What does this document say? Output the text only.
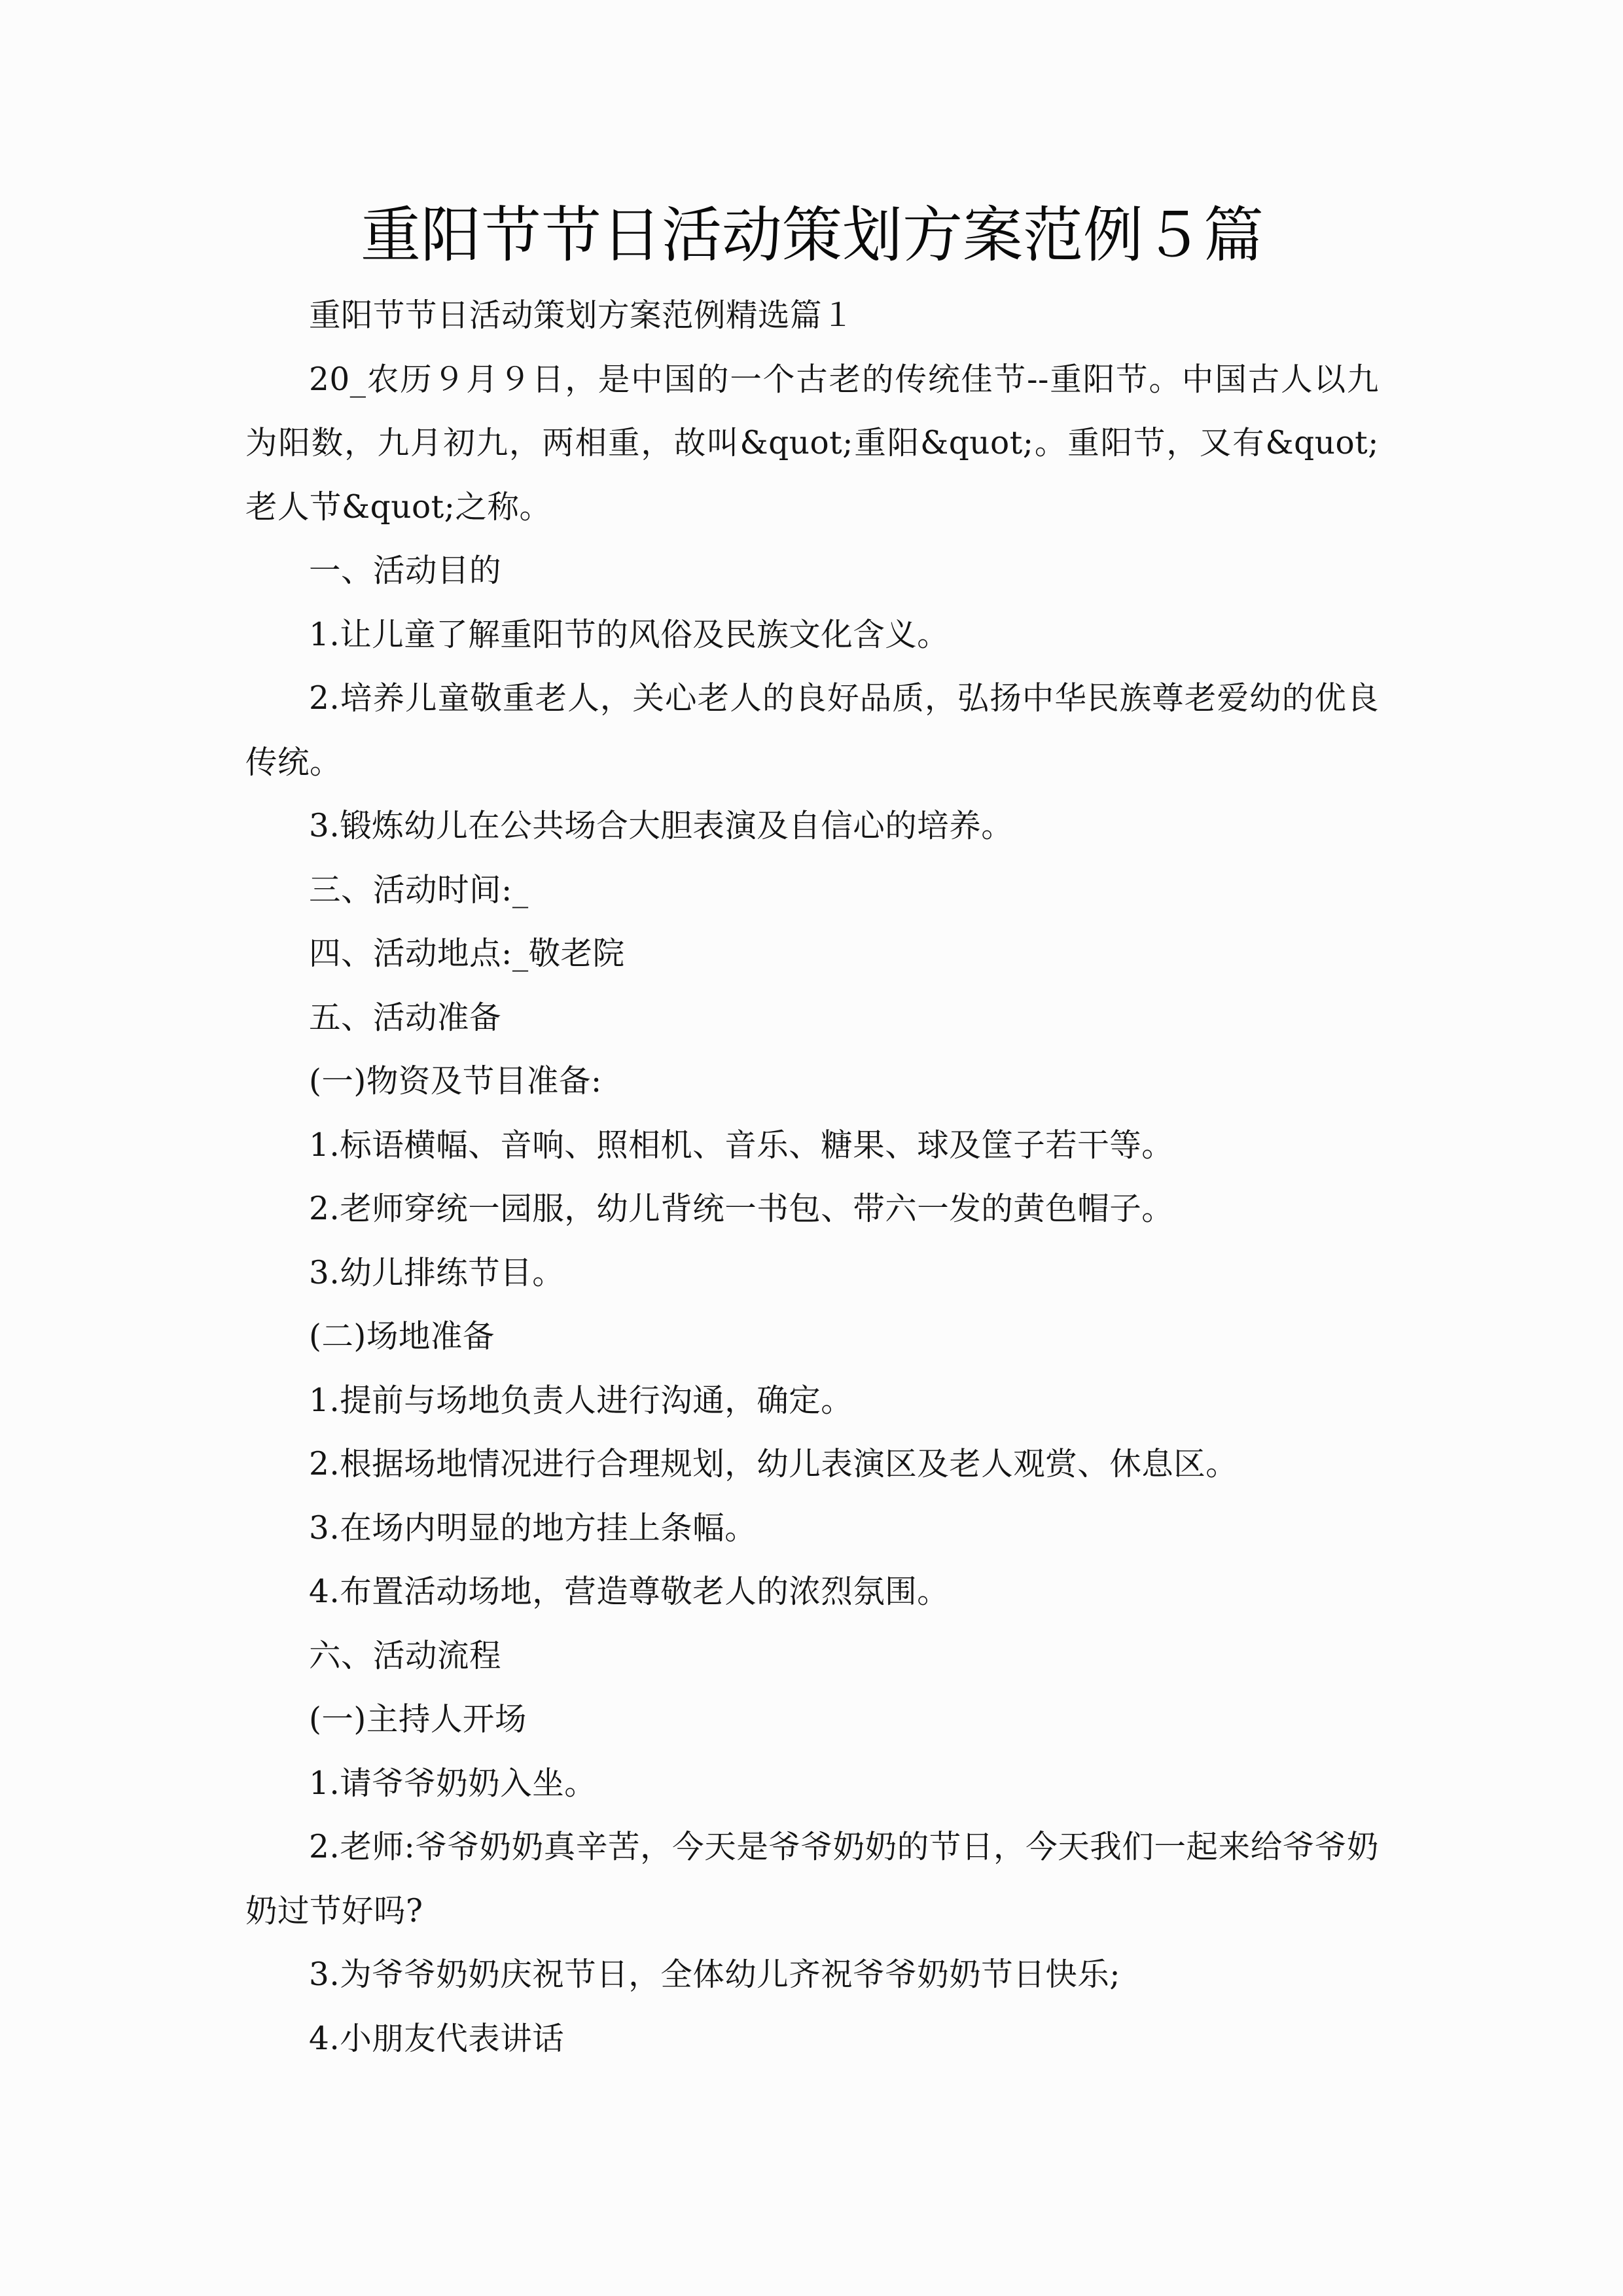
重阳节节日活动策划方案范例５篇

重阳节节日活动策划方案范例精选篇１

20_农历９月９日，是中国的一个古老的传统佳节--重阳节。中国古人以九为阳数，九月初九，两相重，故叫&quot;重阳&quot;。重阳节，又有&quot;老人节&quot;之称。

一、活动目的

1.让儿童了解重阳节的风俗及民族文化含义。

2.培养儿童敬重老人，关心老人的良好品质，弘扬中华民族尊老爱幼的优良传统。

3.锻炼幼儿在公共场合大胆表演及自信心的培养。

三、活动时间:_

四、活动地点:_敬老院

五、活动准备

(一)物资及节目准备:

1.标语横幅、音响、照相机、音乐、糖果、球及筐子若干等。

2.老师穿统一园服，幼儿背统一书包、带六一发的黄色帽子。

3.幼儿排练节目。

(二)场地准备

1.提前与场地负责人进行沟通，确定。

2.根据场地情况进行合理规划，幼儿表演区及老人观赏、休息区。

3.在场内明显的地方挂上条幅。

4.布置活动场地，营造尊敬老人的浓烈氛围。

六、活动流程

(一)主持人开场

1.请爷爷奶奶入坐。

2.老师:爷爷奶奶真辛苦，今天是爷爷奶奶的节日，今天我们一起来给爷爷奶奶过节好吗?

3.为爷爷奶奶庆祝节日，全体幼儿齐祝爷爷奶奶节日快乐;

4.小朋友代表讲话
